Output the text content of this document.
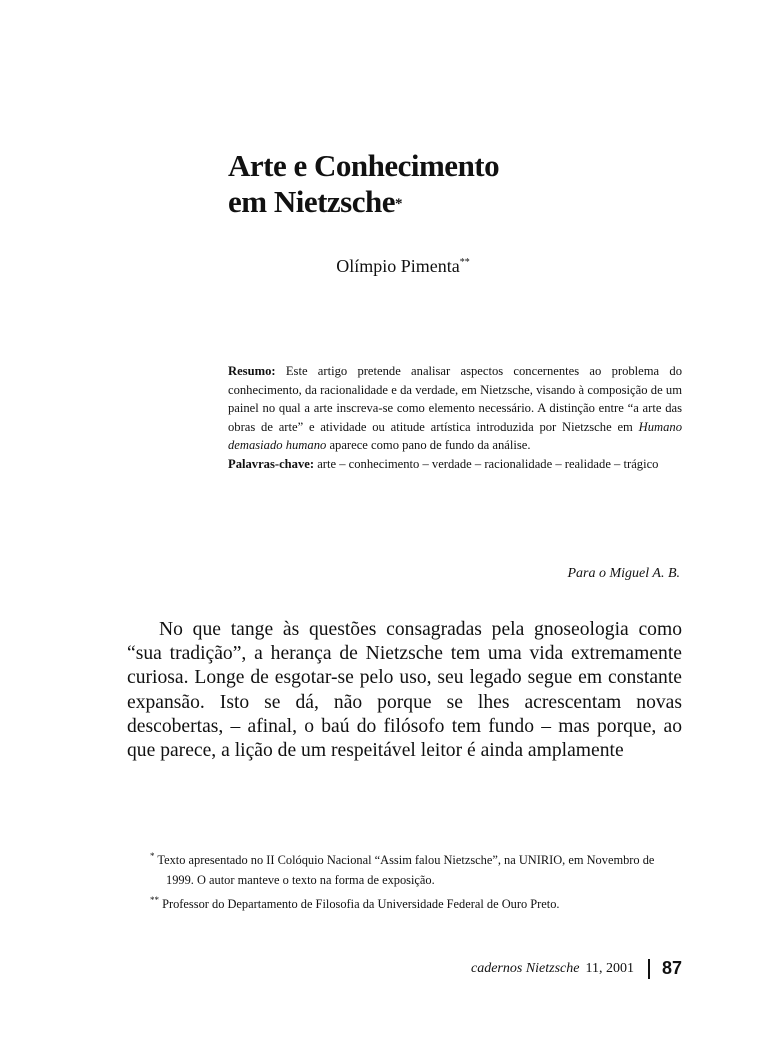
Arte e Conhecimento
em Nietzsche*
Olímpio Pimenta**

Resumo: Este artigo pretende analisar aspectos concernentes ao problema do conhecimento, da racionalidade e da verdade, em Nietzsche, visando à composição de um painel no qual a arte inscreva-se como elemento necessário. A distinção entre “a arte das obras de arte” e atividade ou atitude artística introduzida por Nietzsche em Humano demasiado humano aparece como pano de fundo da análise.

Palavras-chave: arte – conhecimento – verdade – racionalidade – realidade – trágico

Para o Miguel A. B.

No que tange às questões consagradas pela gnoseologia como “sua tradição”, a herança de Nietzsche tem uma vida extremamente curiosa. Longe de esgotar-se pelo uso, seu legado segue em constante expansão. Isto se dá, não porque se lhes acrescentam novas descobertas, – afinal, o baú do filósofo tem fundo – mas porque, ao que parece, a lição de um respeitável leitor é ainda amplamente

* Texto apresentado no II Colóquio Nacional “Assim falou Nietzsche”, na UNIRIO, em Novembro de 1999. O autor manteve o texto na forma de exposição.

** Professor do Departamento de Filosofia da Universidade Federal de Ouro Preto.

cadernos Nietzsche 11, 2001 87
